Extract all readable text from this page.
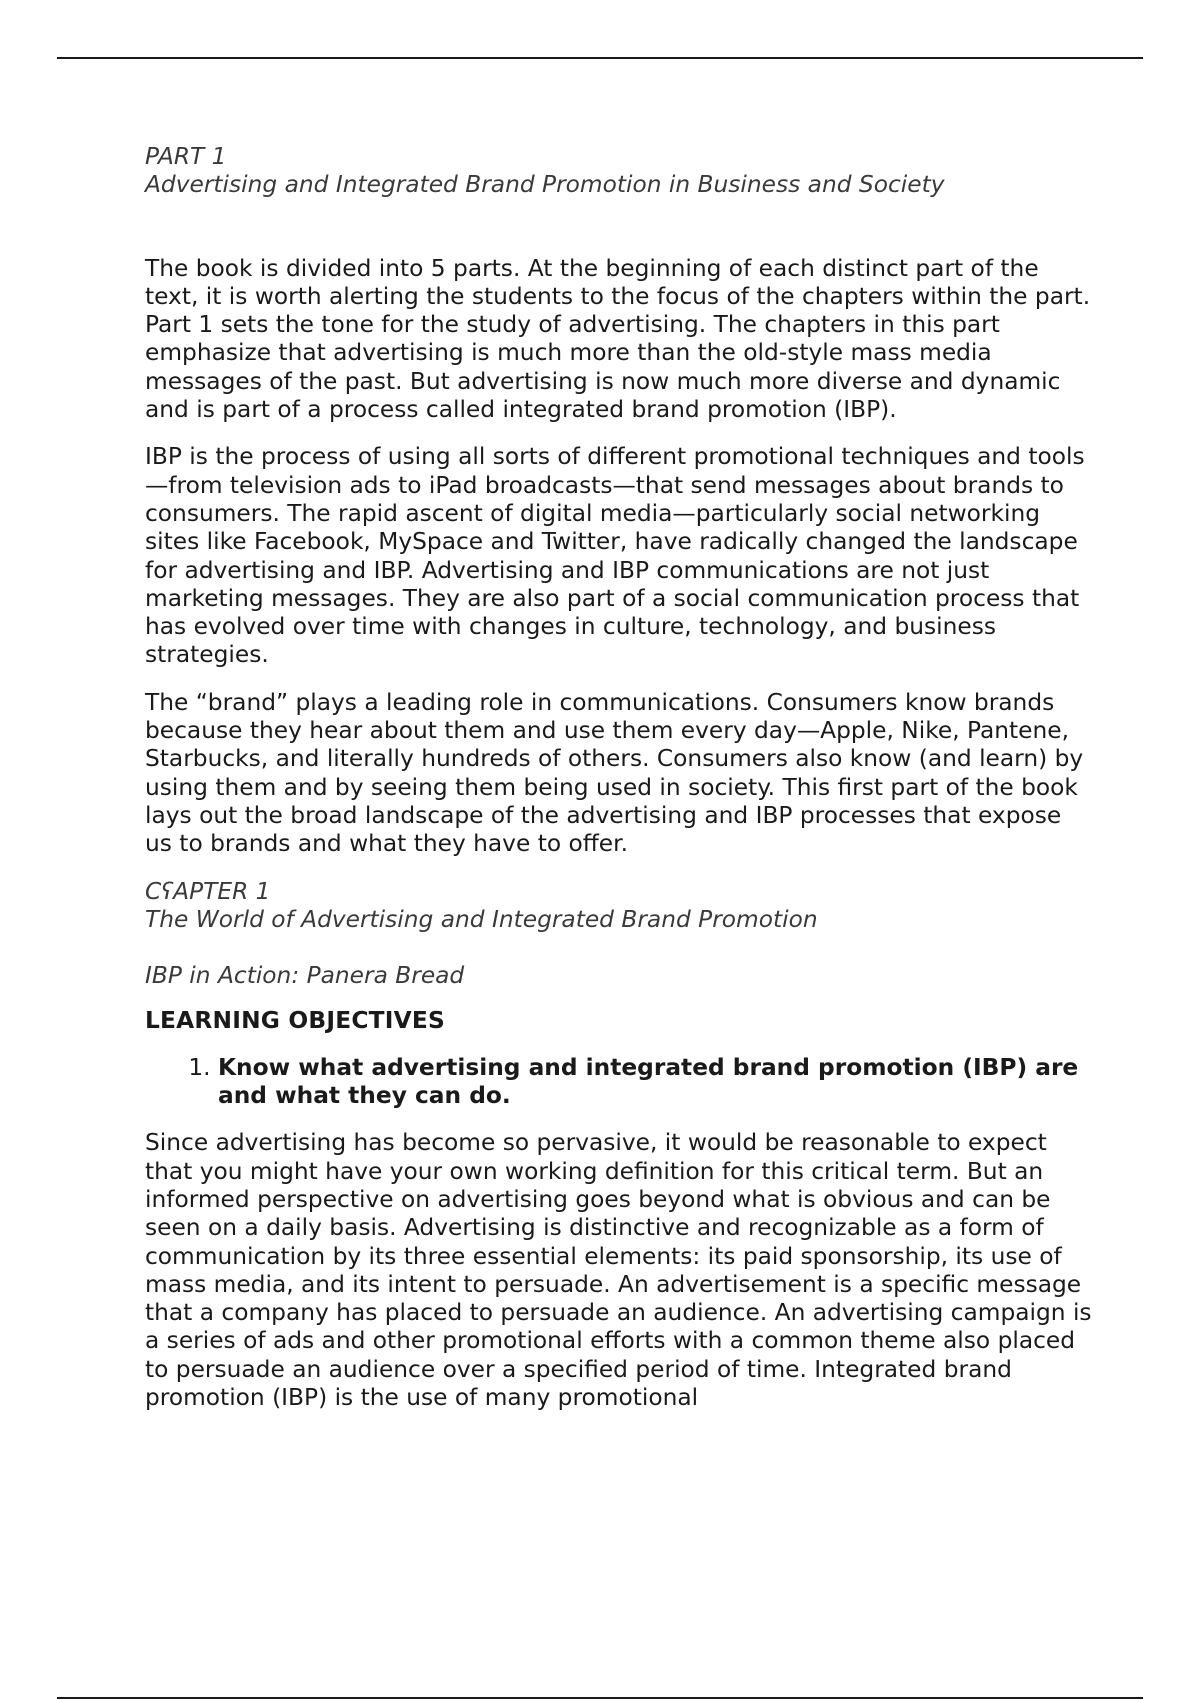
PART 1
Advertising and Integrated Brand Promotion in Business and Society

The book is divided into 5 parts. At the beginning of each distinct part of the text, it is worth alerting the students to the focus of the chapters within the part. Part 1 sets the tone for the study of advertising. The chapters in this part emphasize that advertising is much more than the old-style mass media messages of the past. But advertising is now much more diverse and dynamic and is part of a process called integrated brand promotion (IBP).

IBP is the process of using all sorts of different promotional techniques and tools—from television ads to iPad broadcasts—that send messages about brands to consumers. The rapid ascent of digital media—particularly social networking sites like Facebook, MySpace and Twitter, have radically changed the landscape for advertising and IBP. Advertising and IBP communications are not just marketing messages. They are also part of a social communication process that has evolved over time with changes in culture, technology, and business strategies.

The “brand” plays a leading role in communications. Consumers know brands because they hear about them and use them every day—Apple, Nike, Pantene, Starbucks, and literally hundreds of others. Consumers also know (and learn) by using them and by seeing them being used in society. This first part of the book lays out the broad landscape of the advertising and IBP processes that expose us to brands and what they have to offer.

CʕAPTER 1
The World of Advertising and Integrated Brand Promotion
IBP in Action: Panera Bread
LEARNING OBJECTIVES
1. Know what advertising and integrated brand promotion (IBP) are and what they can do.

Since advertising has become so pervasive, it would be reasonable to expect that you might have your own working definition for this critical term. But an informed perspective on advertising goes beyond what is obvious and can be seen on a daily basis. Advertising is distinctive and recognizable as a form of communication by its three essential elements: its paid sponsorship, its use of mass media, and its intent to persuade. An advertisement is a specific message that a company has placed to persuade an audience. An advertising campaign is a series of ads and other promotional efforts with a common theme also placed to persuade an audience over a specified period of time. Integrated brand promotion (IBP) is the use of many promotional
